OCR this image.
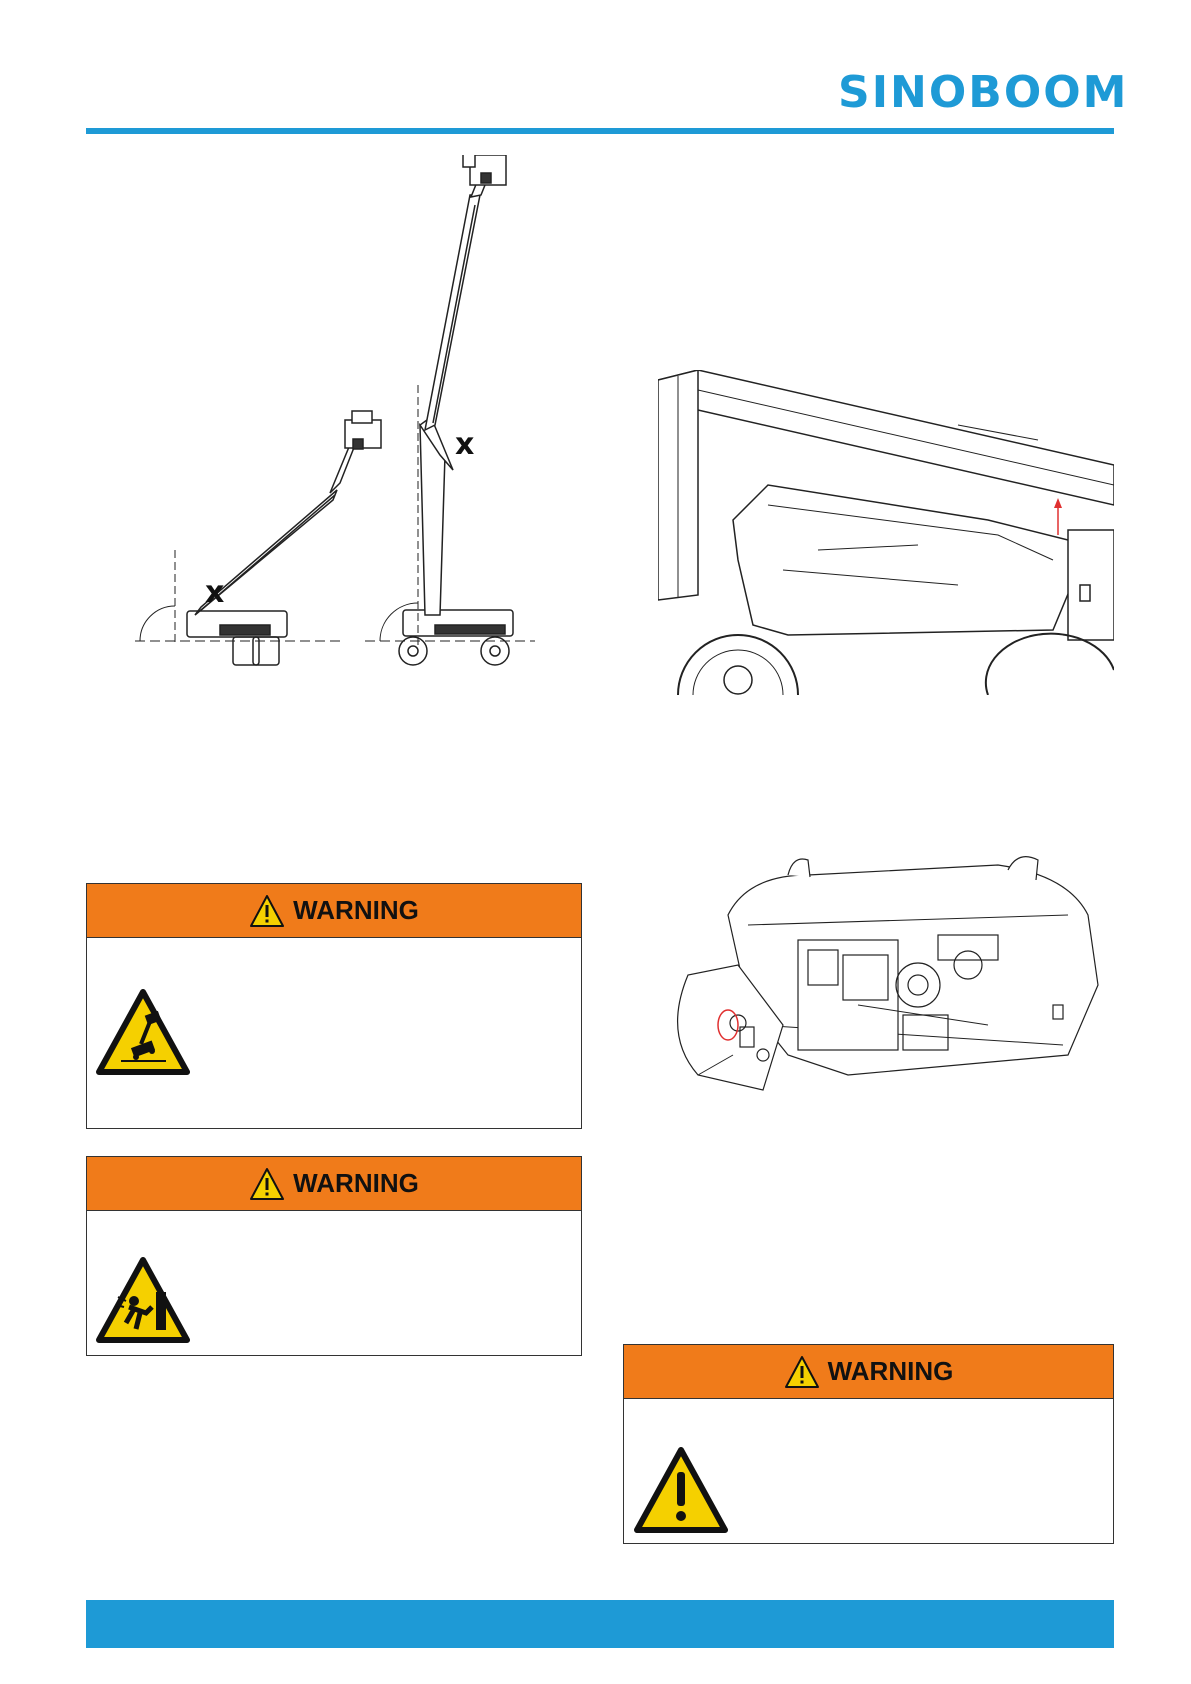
SINOBOOM
x
x
WARNING
WARNING
WARNING
